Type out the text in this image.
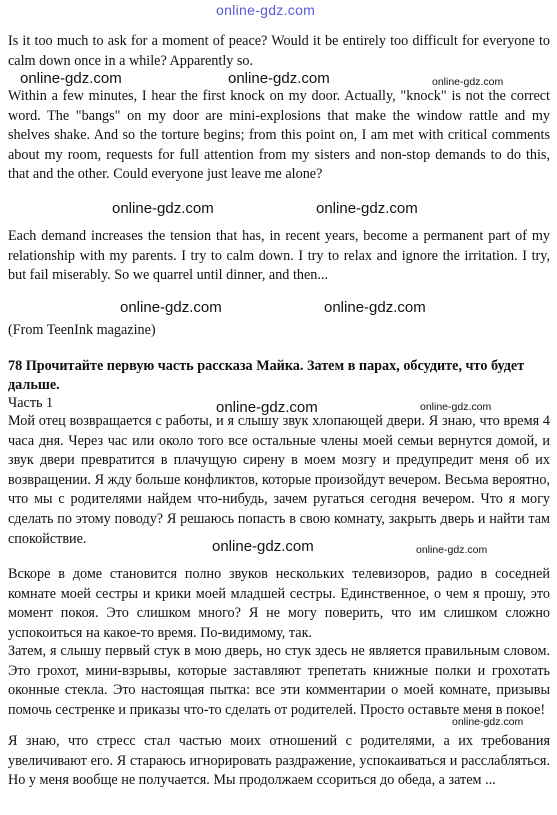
online-gdz.com

Is it too much to ask for a moment of peace? Would it be entirely too difficult for everyone to calm down once in a while? Apparently so.

Within a few minutes, I hear the first knock on my door. Actually, "knock" is not the correct word. The "bangs" on my door are mini-explosions that make the window rattle and my shelves shake. And so the torture begins; from this point on, I am met with critical comments about my room, requests for full attention from my sisters and non-stop demands to do this, that and the other. Could everyone just leave me alone?

Each demand increases the tension that has, in recent years, become a permanent part of my relationship with my parents. I try to calm down. I try to relax and ignore the irritation. I try, but fail miserably. So we quarrel until dinner, and then...

(From TeenInk magazine)

78 Прочитайте первую часть рассказа Майка. Затем в парах, обсудите, что будет дальше.

Часть 1

Мой отец возвращается с работы, и я слышу звук хлопающей двери. Я знаю, что время 4 часа дня. Через час или около того все остальные члены моей семьи вернутся домой, и звук двери превратится в плачущую сирену в моем мозгу и предупредит меня об их возвращении. Я жду больше конфликтов, которые произойдут вечером. Весьма вероятно, что мы с родителями найдем что-нибудь, зачем ругаться сегодня вечером. Что я могу сделать по этому поводу? Я решаюсь попасть в свою комнату, закрыть дверь и найти там спокойствие.

Вскоре в доме становится полно звуков нескольких телевизоров, радио в соседней комнате моей сестры и крики моей младшей сестры. Единственное, о чем я прошу, это момент покоя. Это слишком много? Я не могу поверить, что им слишком сложно успокоиться на какое-то время. По-видимому, так.

Затем, я слышу первый стук в мою дверь, но стук здесь не является правильным словом. Это грохот, мини-взрывы, которые заставляют трепетать книжные полки и грохотать оконные стекла. Это настоящая пытка: все эти комментарии о моей комнате, призывы помочь сестренке и приказы что-то сделать от родителей. Просто оставьте меня в покое!

Я знаю, что стресс стал частью моих отношений с родителями, а их требования увеличивают его. Я стараюсь игнорировать раздражение, успокаиваться и расслабляться. Но у меня вообще не получается. Мы продолжаем ссориться до обеда, а затем ...

online-gdz.com	online-gdz.com	online-gdz.com
online-gdz.com	online-gdz.com
online-gdz.com	online-gdz.com
online-gdz.com	online-gdz.com
online-gdz.com	online-gdz.com
online-gdz.com
